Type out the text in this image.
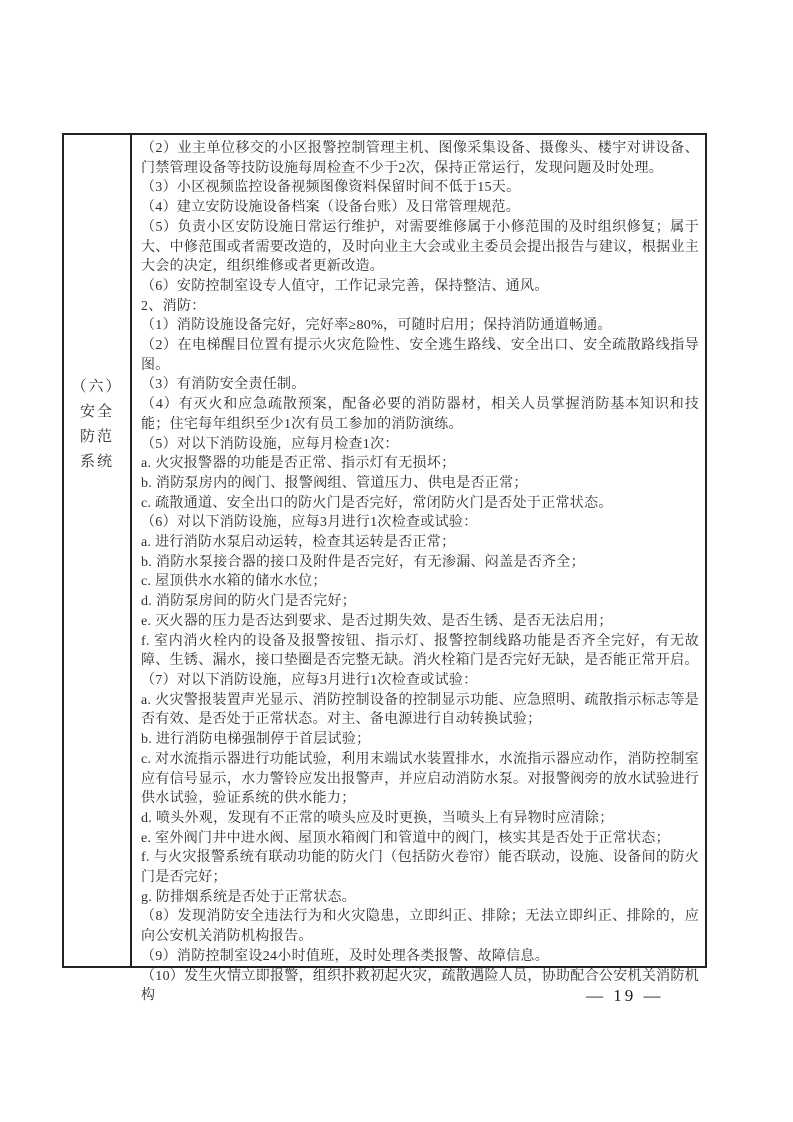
（六）
安全
防范
系统
（2）业主单位移交的小区报警控制管理主机、图像采集设备、摄像头、楼宇对讲设备、门禁管理设备等技防设施每周检查不少于2次，保持正常运行，发现问题及时处理。
（3）小区视频监控设备视频图像资料保留时间不低于15天。
（4）建立安防设施设备档案（设备台账）及日常管理规范。
（5）负责小区安防设施日常运行维护，对需要维修属于小修范围的及时组织修复；属于大、中修范围或者需要改造的，及时向业主大会或业主委员会提出报告与建议，根据业主大会的决定，组织维修或者更新改造。
（6）安防控制室设专人值守，工作记录完善，保持整洁、通风。
2、消防：
（1）消防设施设备完好，完好率≥80%，可随时启用；保持消防通道畅通。
（2）在电梯醒目位置有提示火灾危险性、安全逃生路线、安全出口、安全疏散路线指导图。
（3）有消防安全责任制。
（4）有灭火和应急疏散预案，配备必要的消防器材，相关人员掌握消防基本知识和技能；住宅每年组织至少1次有员工参加的消防演练。
（5）对以下消防设施，应每月检查1次：
a. 火灾报警器的功能是否正常、指示灯有无损坏；
b. 消防泵房内的阀门、报警阀组、管道压力、供电是否正常；
c. 疏散通道、安全出口的防火门是否完好，常闭防火门是否处于正常状态。
（6）对以下消防设施，应每3月进行1次检查或试验：
a. 进行消防水泵启动运转，检查其运转是否正常；
b. 消防水泵接合器的接口及附件是否完好，有无渗漏、闷盖是否齐全；
c. 屋顶供水水箱的储水水位；
d. 消防泵房间的防火门是否完好；
e. 灭火器的压力是否达到要求、是否过期失效、是否生锈、是否无法启用；
f. 室内消火栓内的设备及报警按钮、指示灯、报警控制线路功能是否齐全完好，有无故障、生锈、漏水，接口垫圈是否完整无缺。消火栓箱门是否完好无缺，是否能正常开启。
（7）对以下消防设施，应每3月进行1次检查或试验：
a. 火灾警报装置声光显示、消防控制设备的控制显示功能、应急照明、疏散指示标志等是否有效、是否处于正常状态。对主、备电源进行自动转换试验；
b. 进行消防电梯强制停于首层试验；
c. 对水流指示器进行功能试验，利用末端试水装置排水，水流指示器应动作，消防控制室应有信号显示，水力警铃应发出报警声，并应启动消防水泵。对报警阀旁的放水试验进行供水试验，验证系统的供水能力；
d. 喷头外观，发现有不正常的喷头应及时更换，当喷头上有异物时应清除；
e. 室外阀门井中进水阀、屋顶水箱阀门和管道中的阀门，核实其是否处于正常状态；
f. 与火灾报警系统有联动功能的防火门（包括防火卷帘）能否联动，设施、设备间的防火门是否完好；
g. 防排烟系统是否处于正常状态。
（8）发现消防安全违法行为和火灾隐患，立即纠正、排除；无法立即纠正、排除的，应向公安机关消防机构报告。
（9）消防控制室设24小时值班，及时处理各类报警、故障信息。
（10）发生火情立即报警，组织扑救初起火灾，疏散遇险人员，协助配合公安机关消防机构	— 19 —
